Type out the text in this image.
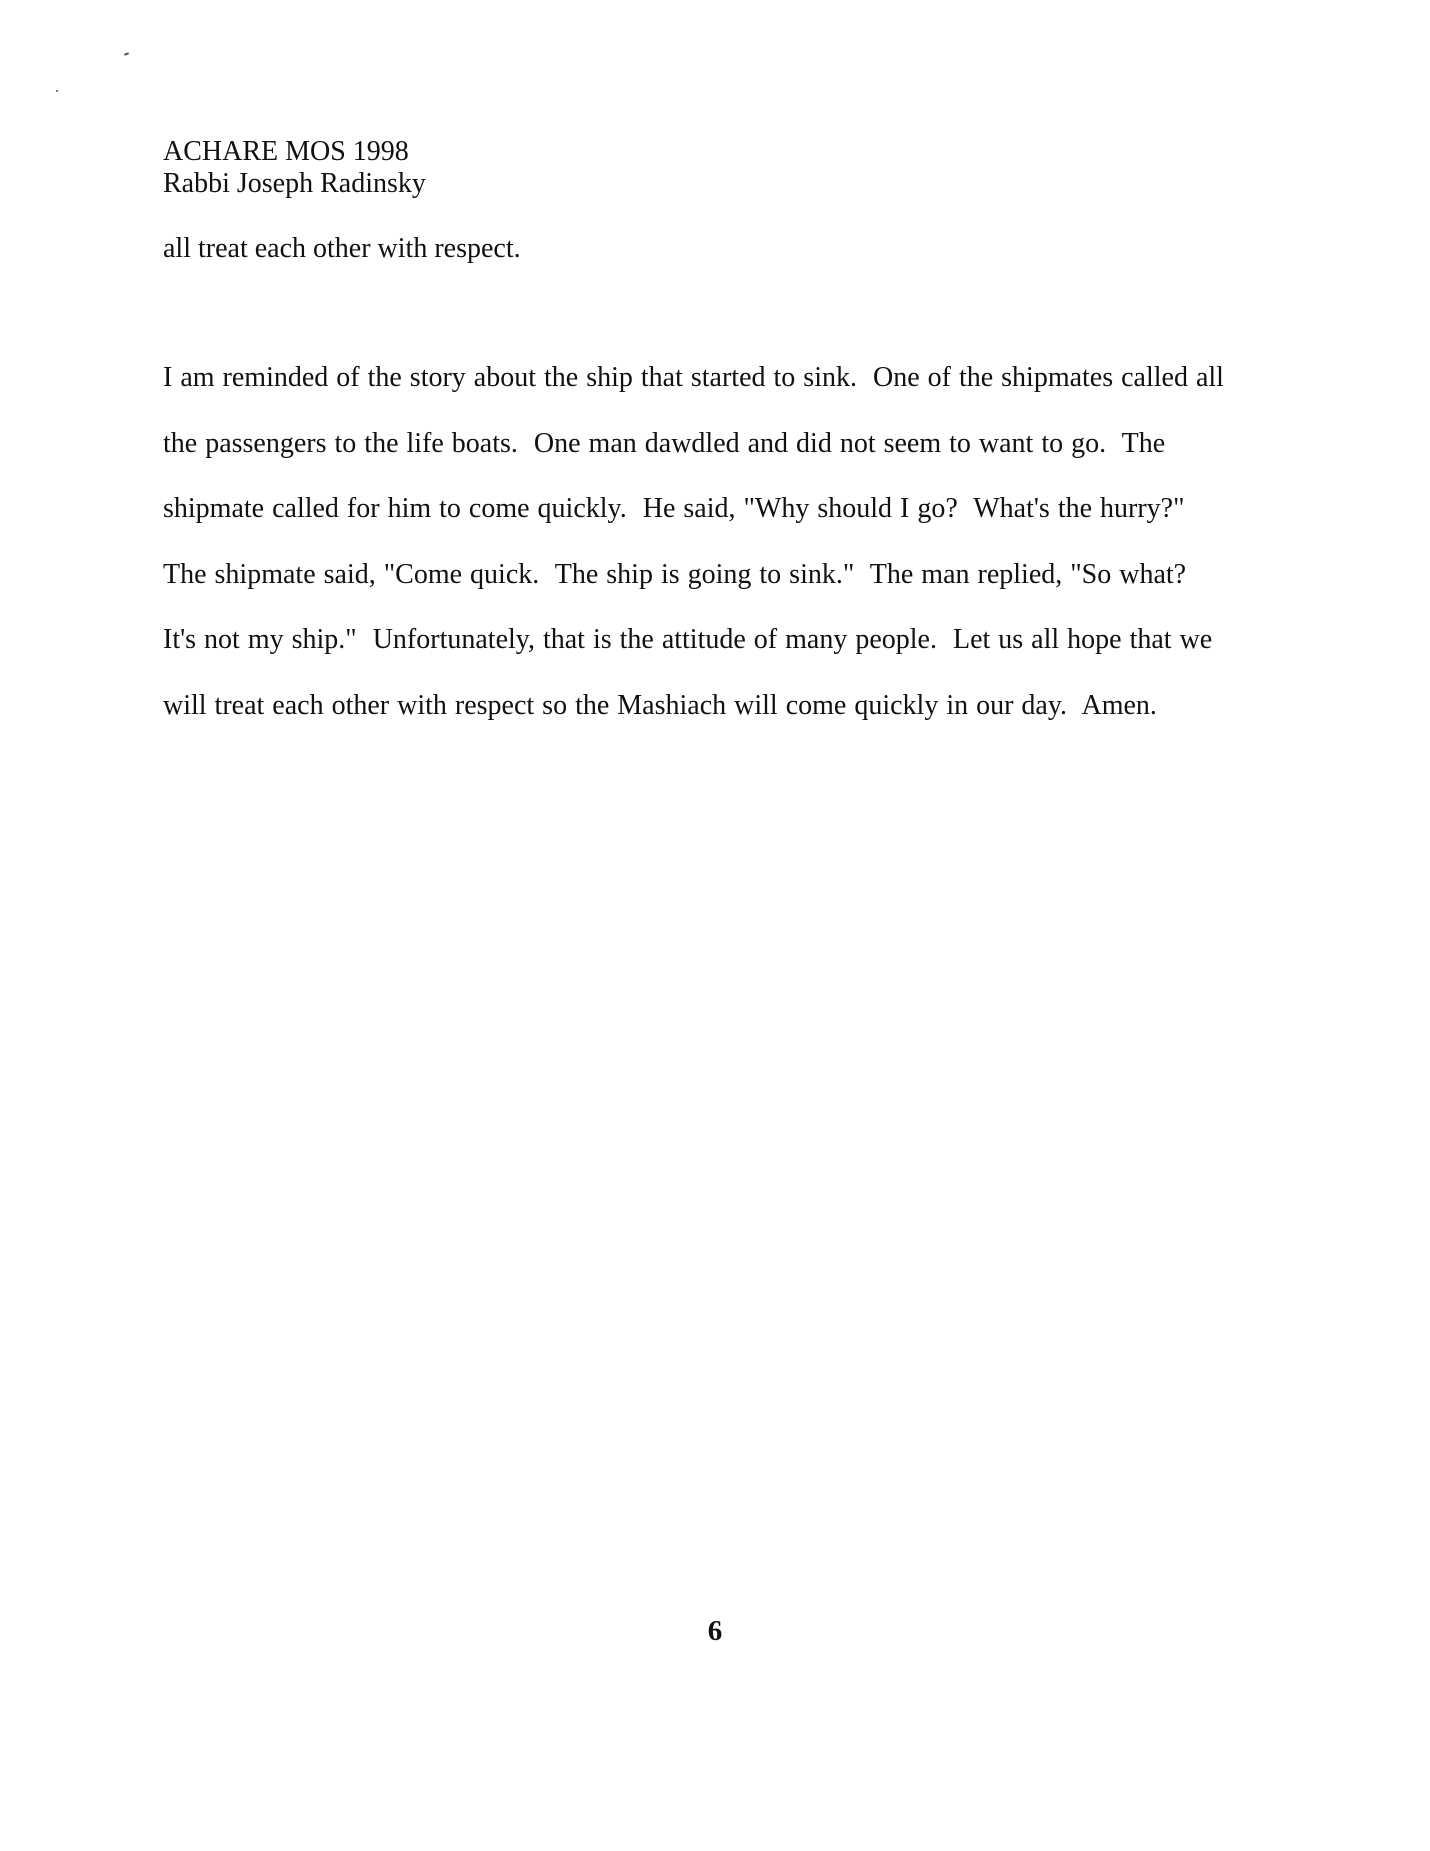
ACHARE MOS 1998
Rabbi Joseph Radinsky
all treat each other with respect.
I am reminded of the story about the ship that started to sink.  One of the shipmates called all
the passengers to the life boats.  One man dawdled and did not seem to want to go.  The
shipmate called for him to come quickly.  He said, "Why should I go?  What's the hurry?"
The shipmate said, "Come quick.  The ship is going to sink."  The man replied, "So what?
It's not my ship."  Unfortunately, that is the attitude of many people.  Let us all hope that we
will treat each other with respect so the Mashiach will come quickly in our day.  Amen.
6
